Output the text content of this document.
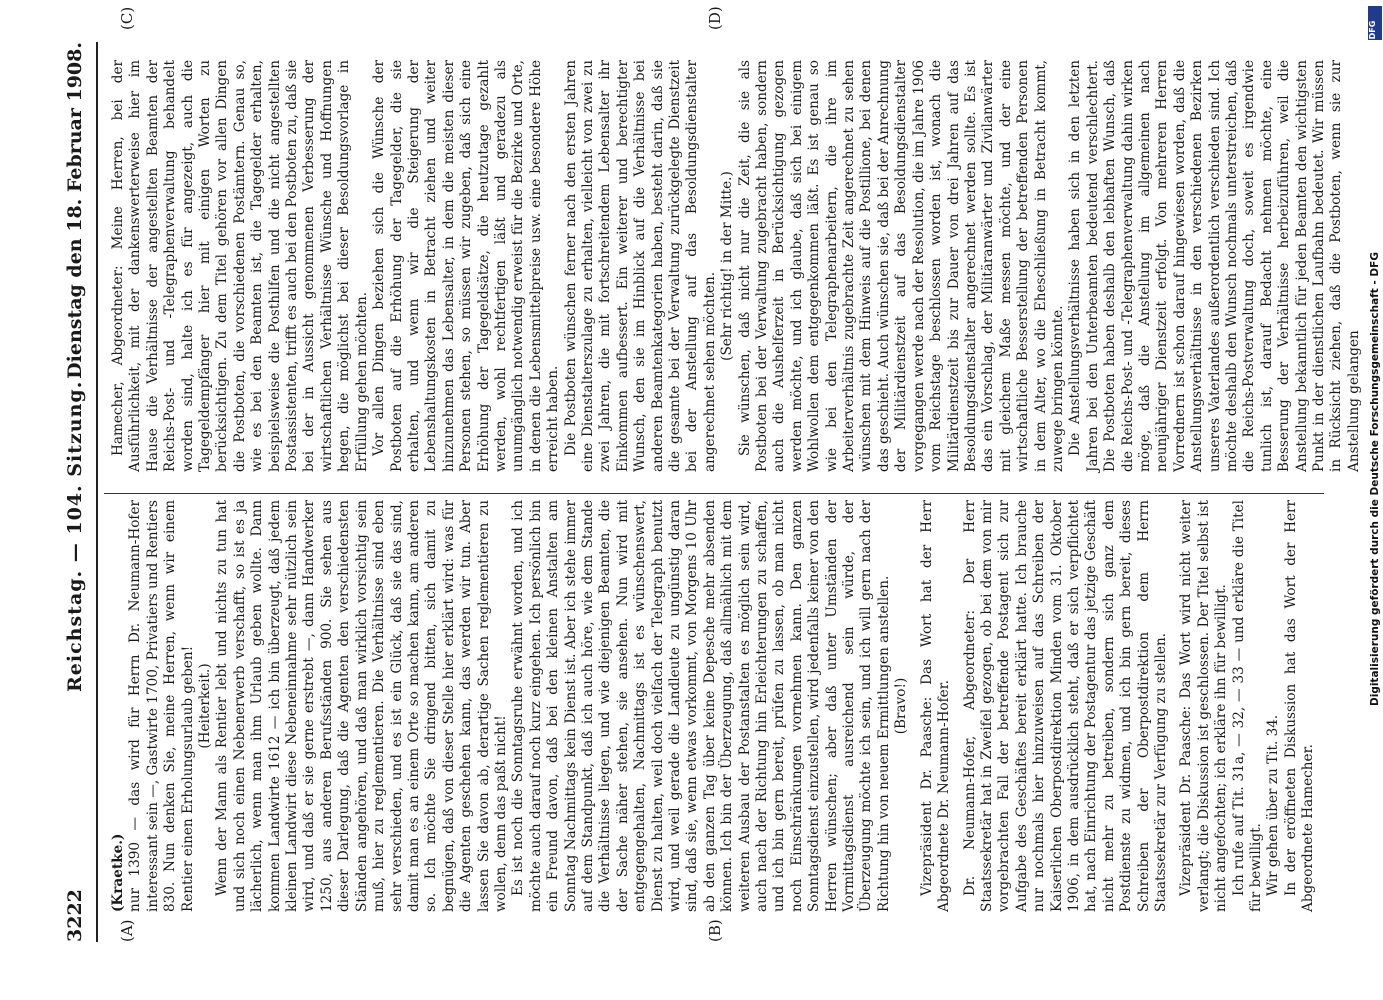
3222
Reichstag. — 104. Sitzung.
Dienstag den 18. Februar 1908.
(A)	(B)
(C)	(D)

(Kraetke.) nur 1390 — das wird für Herrn Dr. Neumann-Hofer interessant sein —, Gastwirte 1700, Privatiers und Rentiers 830. Nun denken Sie, meine Herren, wenn wir einem Rentier einen Erholungsurlaub geben! (Heiterkeit.) Wenn der Mann als Rentier lebt und nichts zu tun hat und sich noch einen Nebenerwerb verschafft, so ist es ja lächerlich, wenn man ihm Urlaub geben wollte. Dann kommen Landwirte 1612 — ich bin überzeugt, daß jedem kleinen Landwirt diese Nebeneinnahme sehr nützlich sein wird, und daß er sie gerne erstrebt —, dann Handwerker 1250, aus anderen Berufsständen 900. Sie sehen aus dieser Darlegung, daß die Agenten den verschiedensten Ständen angehören, und daß man wirklich vorsichtig sein muß, hier zu reglementieren. Die Verhältnisse sind eben sehr verschieden, und es ist ein Glück, daß sie das sind, damit man es an einem Orte so machen kann, am anderen so. Ich möchte Sie dringend bitten, sich damit zu begnügen, daß von dieser Stelle hier erklärt wird: was für die Agenten geschehen kann, das werden wir tun. Aber lassen Sie davon ab, derartige Sachen reglementieren zu wollen, denn das paßt nicht! Es ist noch die Sonntagsruhe erwähnt worden, und ich möchte auch darauf noch kurz eingehen. Ich persönlich bin ein Freund davon, daß bei den kleinen Anstalten am Sonntag Nachmittags kein Dienst ist. Aber ich stehe immer auf dem Standpunkt, daß ich auch höre, wie dem Stande die Verhältnisse liegen, und wie diejenigen Beamten, die der Sache näher stehen, sie ansehen. Nun wird mit entgegengehalten, Nachmittags ist es wünschenswert, Dienst zu halten, weil doch vielfach der Telegraph benutzt wird, und weil gerade die Landleute zu ungünstig daran sind, daß sie, wenn etwas vorkommt, von Morgens 10 Uhr ab den ganzen Tag über keine Depesche mehr absenden können. Ich bin der Überzeugung, daß allmählich mit dem weiteren Ausbau der Postanstalten es möglich sein wird, auch nach der Richtung hin Erleichterungen zu schaffen, und ich bin gern bereit, prüfen zu lassen, ob man nicht noch Einschränkungen vornehmen kann. Den ganzen Sonntagsdienst einzustellen, wird jedenfalls keiner von den Herren wünschen; aber daß unter Umständen der Vormittagsdienst ausreichend sein würde, der Überzeugung möchte ich sein, und ich will gern nach der Richtung hin von neuem Ermittlungen anstellen. (Bravo!) Vizepräsident Dr. Paasche: Das Wort hat der Herr Abgeordnete Dr. Neumann-Hofer. Dr. Neumann-Hofer, Abgeordneter: Der Herr Staatssekretär hat in Zweifel gezogen, ob bei dem von mir vorgebrachten Fall der betreffende Postagent sich zur Aufgabe des Geschäftes bereit erklärt hatte. Ich brauche nur nochmals hier hinzuweisen auf das Schreiben der Kaiserlichen Oberpostdirektion Minden vom 31. Oktober 1906, in dem ausdrücklich steht, daß er sich verpflichtet hat, nach Einrichtung der Postagentur das jetzige Geschäft nicht mehr zu betreiben, sondern sich ganz dem Postdienste zu widmen, und ich bin gern bereit, dieses Schreiben der Oberpostdirektion dem Herrn Staatssekretär zur Verfügung zu stellen. Vizepräsident Dr. Paasche: Das Wort wird nicht weiter verlangt; die Diskussion ist geschlossen. Der Titel selbst ist nicht angefochten; ich erkläre ihn für bewilligt. Ich rufe auf Tit. 31a, — 32, — 33 — und erkläre die Titel für bewilligt. Wir gehen über zu Tit. 34. In der eröffneten Diskussion hat das Wort der Herr Abgeordnete Hamecher.

Hamecher, Abgeordneter: Meine Herren, bei der Ausführlichkeit, mit der dankenswerterweise hier im Hause die Verhältnisse der angestellten Beamten der Reichs-Post- und -Telegraphenverwaltung behandelt worden sind, halte ich es für angezeigt, auch die Tagegeldempfänger hier mit einigen Worten zu berücksichtigen. Zu dem Titel gehören vor allen Dingen die Postboten, die vorschiedenen Postämtern. Genau so, wie es bei den Beamten ist, die Tagegelder erhalten, beispielsweise die Posthilfen und die nicht angestellten Postassistenten, trifft es auch bei den Postboten zu, daß sie bei der in Aussicht genommenen Verbesserung der wirtschaftlichen Verhältnisse Wünsche und Hoffnungen hegen, die möglichst bei dieser Besoldungsvorlage in Erfüllung gehen möchten. Vor allen Dingen beziehen sich die Wünsche der Postboten auf die Erhöhung der Tagegelder, die sie erhalten, und wenn wir die Steigerung der Lebenshaltungskosten in Betracht ziehen und weiter hinzunehmen das Lebensalter, in dem die meisten dieser Personen stehen, so müssen wir zugeben, daß sich eine Erhöhung der Tagegeldsätze, die heutzutage gezahlt werden, wohl rechtfertigen läßt und geradezu als unumgänglich notwendig erweist für die Bezirke und Orte, in denen die Lebensmittelpreise usw. eine besondere Höhe erreicht haben. Die Postboten wünschen ferner nach den ersten Jahren eine Dienstalterszulage zu erhalten, vielleicht von zwei zu zwei Jahren, die mit fortschreitendem Lebensalter ihr Einkommen aufbessert. Ein weiterer und berechtigter Wunsch, den sie im Hinblick auf die Verhältnisse bei anderen Beamtenkategorien haben, besteht darin, daß sie die gesamte bei der Verwaltung zurückgelegte Dienstzeit bei der Anstellung auf das Besoldungsdienstalter angerechnet sehen möchten.

(Sehr richtig! in der Mitte.) Sie wünschen, daß nicht nur die Zeit, die sie als Postboten bei der Verwaltung zugebracht haben, sondern auch die Aushelferzeit in Berücksichtigung gezogen werden möchte, und ich glaube, daß sich bei einigem Wohlwollen dem entgegenkommen läßt. Es ist genau so wie bei den Telegraphenarbeitern, die ihre im Arbeiterverhältnis zugebrachte Zeit angerechnet zu sehen wünschen mit dem Hinweis auf die Postillione, bei denen das geschieht. Auch wünschen sie, daß bei der Anrechnung der Militärdienstzeit auf das Besoldungsdienstalter vorgegangen werde nach der Resolution, die im Jahre 1906 vom Reichstage beschlossen worden ist, wonach die Militärdienstzeit bis zur Dauer von drei Jahren auf das Besoldungsdienstalter angerechnet werden sollte. Es ist das ein Vorschlag, der Militäranwärter und Zivilanwärter mit gleichem Maße messen möchte, und der eine wirtschaftliche Besserstellung der betreffenden Personen in dem Alter, wo die Eheschließung in Betracht kommt, zuwege bringen könnte. Die Anstellungsverhältnisse haben sich in den letzten Jahren bei den Unterbeamten bedeutend verschlechtert. Die Postboten haben deshalb den lebhaften Wunsch, daß die Reichs-Post- und -Telegraphenverwaltung dahin wirken möge, daß die Anstellung im allgemeinen nach neunjähriger Dienstzeit erfolgt. Von mehreren Herren Vorrednern ist schon darauf hingewiesen worden, daß die Anstellungsverhältnisse in den verschiedenen Bezirken unseres Vaterlandes außerordentlich verschieden sind. Ich möchte deshalb den Wunsch nochmals unterstreichen, daß die Reichs-Postverwaltung doch, soweit es irgendwie tunlich ist, darauf Bedacht nehmen möchte, eine Besserung der Verhältnisse herbeizuführen, weil die Anstellung bekanntlich für jeden Beamten den wichtigsten Punkt in der dienstlichen Laufbahn bedeutet. Wir müssen in Rücksicht ziehen, daß die Postboten, wenn sie zur Anstellung gelangen

DFG
Digitalisierung gefördert durch die Deutsche Forschungsgemeinschaft - DFG
